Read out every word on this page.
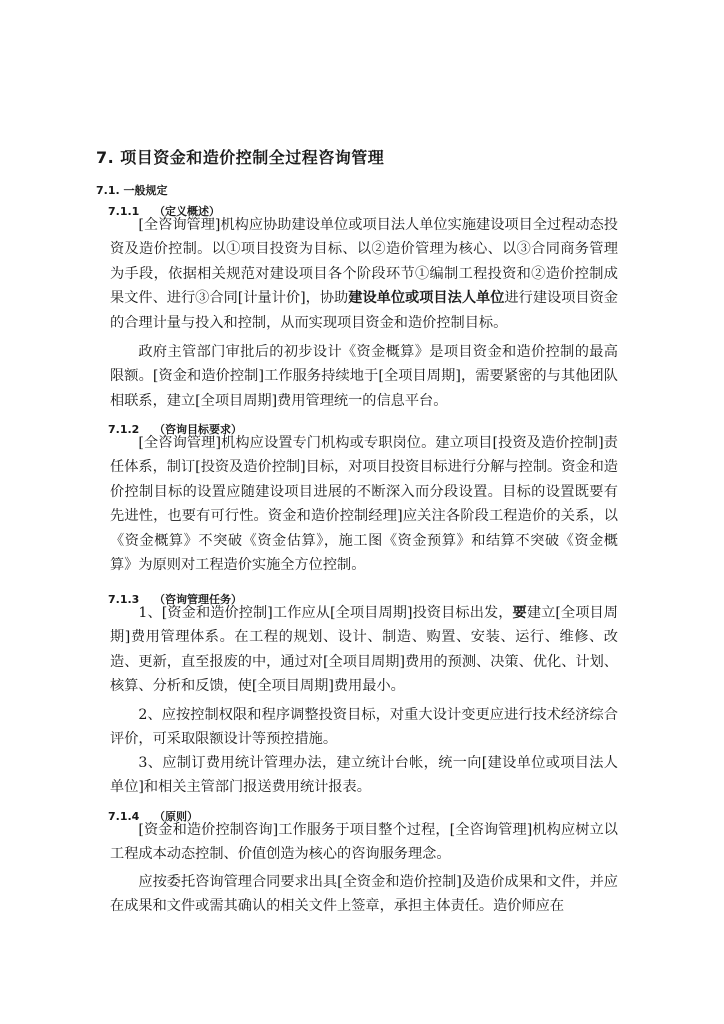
7. 项目资金和造价控制全过程咨询管理
7.1. 一般规定
7.1.1 （定义概述）

[全咨询管理]机构应协助建设单位或项目法人单位实施建设项目全过程动态投资及造价控制。以①项目投资为目标、以②造价管理为核心、以③合同商务管理为手段，依据相关规范对建设项目各个阶段环节①编制工程投资和②造价控制成果文件、进行③合同[计量计价]，协助建设单位或项目法人单位进行建设项目资金的合理计量与投入和控制，从而实现项目资金和造价控制目标。

政府主管部门审批后的初步设计《资金概算》是项目资金和造价控制的最高限额。[资金和造价控制]工作服务持续地于[全项目周期]，需要紧密的与其他团队相联系，建立[全项目周期]费用管理统一的信息平台。

7.1.2 （咨询目标要求）

[全咨询管理]机构应设置专门机构或专职岗位。建立项目[投资及造价控制]责任体系，制订[投资及造价控制]目标，对项目投资目标进行分解与控制。资金和造价控制目标的设置应随建设项目进展的不断深入而分段设置。目标的设置既要有先进性，也要有可行性。资金和造价控制经理]应关注各阶段工程造价的关系，以《资金概算》不突破《资金估算》，施工图《资金预算》和结算不突破《资金概算》为原则对工程造价实施全方位控制。

7.1.3 （咨询管理任务）

1、[资金和造价控制]工作应从[全项目周期]投资目标出发，要建立[全项目周期]费用管理体系。在工程的规划、设计、制造、购置、安装、运行、维修、改造、更新，直至报废的中，通过对[全项目周期]费用的预测、决策、优化、计划、核算、分析和反馈，使[全项目周期]费用最小。

2、应按控制权限和程序调整投资目标，对重大设计变更应进行技术经济综合评价，可采取限额设计等预控措施。

3、应制订费用统计管理办法，建立统计台帐，统一向[建设单位或项目法人单位]和相关主管部门报送费用统计报表。

7.1.4 （原则）

[资金和造价控制咨询]工作服务于项目整个过程，[全咨询管理]机构应树立以工程成本动态控制、价值创造为核心的咨询服务理念。

应按委托咨询管理合同要求出具[全资金和造价控制]及造价成果和文件，并应在成果和文件或需其确认的相关文件上签章，承担主体责任。造价师应在
